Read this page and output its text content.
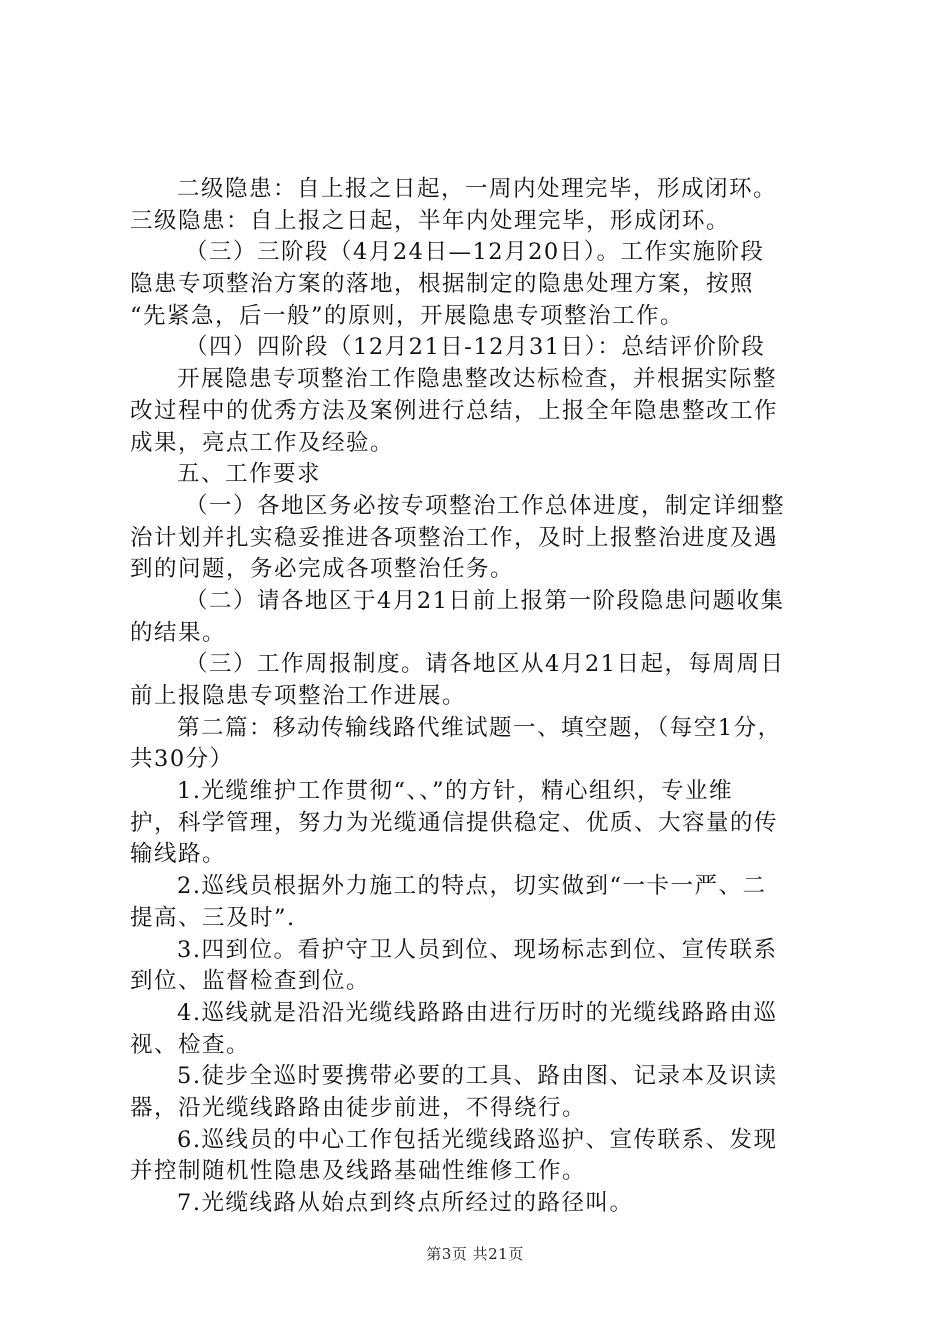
二级隐患：自上报之日起，一周内处理完毕，形成闭环。
三级隐患：自上报之日起，半年内处理完毕，形成闭环。
（三）三阶段（4月24日—12月20日）。工作实施阶段
隐患专项整治方案的落地，根据制定的隐患处理方案，按照
“先紧急，后一般”的原则，开展隐患专项整治工作。
（四）四阶段（12月21日-12月31日）：总结评价阶段
开展隐患专项整治工作隐患整改达标检查，并根据实际整
改过程中的优秀方法及案例进行总结，上报全年隐患整改工作
成果，亮点工作及经验。
五、工作要求
（一）各地区务必按专项整治工作总体进度，制定详细整
治计划并扎实稳妥推进各项整治工作，及时上报整治进度及遇
到的问题，务必完成各项整治任务。
（二）请各地区于4月21日前上报第一阶段隐患问题收集
的结果。
（三）工作周报制度。请各地区从4月21日起，每周周日
前上报隐患专项整治工作进展。
第二篇：移动传输线路代维试题一、填空题，（每空1分，
共30分）
1.光缆维护工作贯彻“、、”的方针，精心组织，专业维
护，科学管理，努力为光缆通信提供稳定、优质、大容量的传
输线路。
2.巡线员根据外力施工的特点，切实做到“一卡一严、二
提高、三及时”.
3.四到位。看护守卫人员到位、现场标志到位、宣传联系
到位、监督检查到位。
4.巡线就是沿沿光缆线路路由进行历时的光缆线路路由巡
视、检查。
5.徒步全巡时要携带必要的工具、路由图、记录本及识读
器，沿光缆线路路由徒步前进，不得绕行。
6.巡线员的中心工作包括光缆线路巡护、宣传联系、发现
并控制随机性隐患及线路基础性维修工作。
7.光缆线路从始点到终点所经过的路径叫。
第3页 共21页
